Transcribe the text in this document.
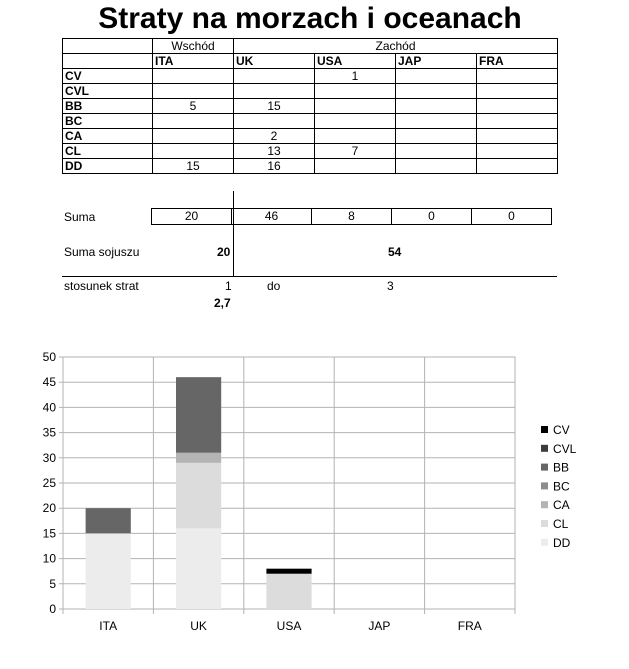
Straty na morzach i oceanach
	Wschód	Zachód			
	ITA	UK	USA	JAP	FRA
CV			1		
CVL					
BB	5	15			
BC					
CA		2			
CL		13	7		
DD	15	16			
Suma	20	46	8	0	0
Suma sojuszu	20	54
stosunek strat	1	do	3
2,7
0
5
10
15
20
25
30
35
40
45
50
ITA	UK	USA	JAP	FRA
CV
CVL
BB
BC
CA
CL
DD
